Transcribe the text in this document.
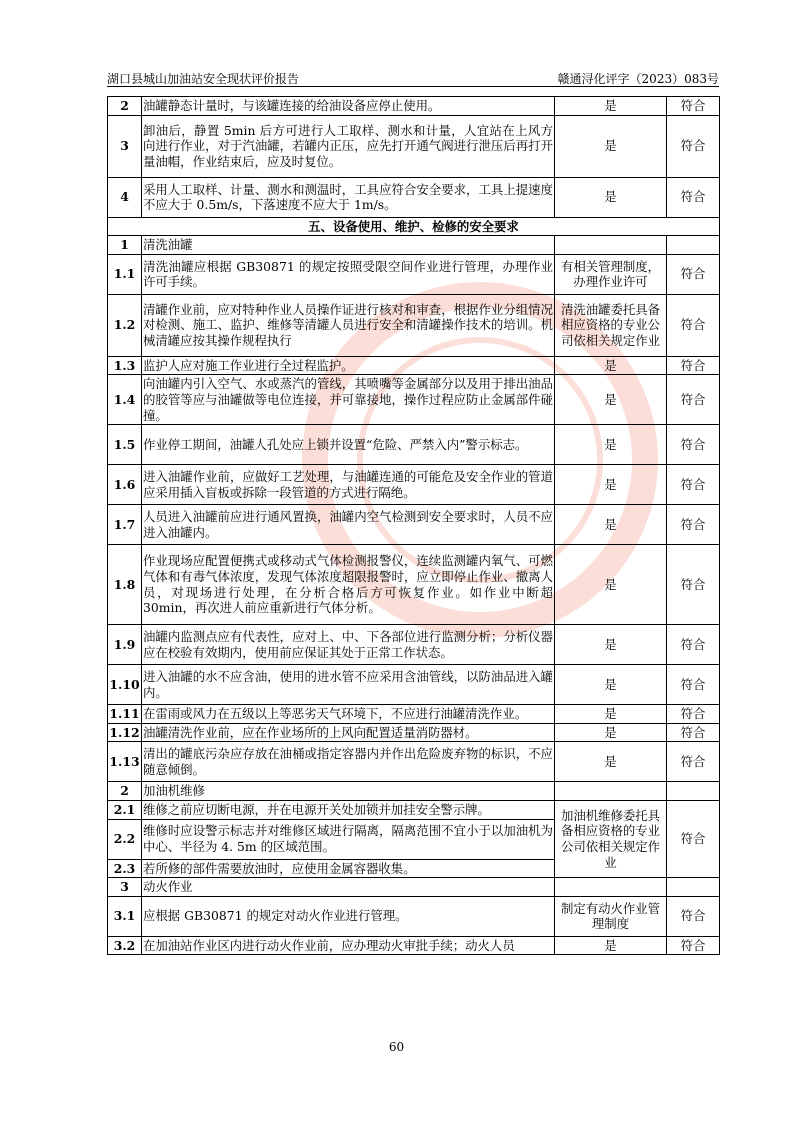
湖口县城山加油站安全现状评价报告	赣通浔化评字（2023）083号
2	油罐静态计量时，与该罐连接的给油设备应停止使用。	是	符合
3	卸油后，静置 5min 后方可进行人工取样、测水和计量，人宜站在上风方向进行作业，对于汽油罐，若罐内正压，应先打开通气阀进行泄压后再打开量油帽，作业结束后，应及时复位。	是	符合
4	采用人工取样、计量、测水和测温时，工具应符合安全要求，工具上提速度不应大于 0.5m/s，下落速度不应大于 1m/s。	是	符合
五、设备使用、维护、检修的安全要求			
1	清洗油罐		
1.1	清洗油罐应根据 GB30871 的规定按照受限空间作业进行管理，办理作业许可手续。	有相关管理制度，办理作业许可	符合
1.2	清罐作业前，应对特种作业人员操作证进行核对和审查，根据作业分组情况对检测、施工、监护、维修等清罐人员进行安全和清罐操作技术的培训。机械清罐应按其操作规程执行	清洗油罐委托具备相应资格的专业公司依相关规定作业	符合
1.3	监护人应对施工作业进行全过程监护。	是	符合
1.4	向油罐内引入空气、水或蒸汽的管线，其喷嘴等金属部分以及用于排出油品的胶管等应与油罐做等电位连接，并可靠接地，操作过程应防止金属部件碰撞。	是	符合
1.5	作业停工期间，油罐人孔处应上锁并设置“危险、严禁入内”警示标志。	是	符合
1.6	进入油罐作业前，应做好工艺处理，与油罐连通的可能危及安全作业的管道应采用插入盲板或拆除一段管道的方式进行隔绝。	是	符合
1.7	人员进入油罐前应进行通风置换，油罐内空气检测到安全要求时，人员不应进入油罐内。	是	符合
1.8	作业现场应配置便携式或移动式气体检测报警仪，连续监测罐内氧气、可燃气体和有毒气体浓度，发现气体浓度超限报警时，应立即停止作业、撤离人员，对现场进行处理，在分析合格后方可恢复作业。如作业中断超 30min，再次进人前应重新进行气体分析。	是	符合
1.9	油罐内监测点应有代表性，应对上、中、下各部位进行监测分析；分析仪器应在校验有效期内，使用前应保证其处于正常工作状态。	是	符合
1.10	进入油罐的水不应含油，使用的进水管不应采用含油管线，以防油品进入罐内。	是	符合
1.11	在雷雨或风力在五级以上等恶劣天气环境下，不应进行油罐清洗作业。	是	符合
1.12	油罐清洗作业前，应在作业场所的上风向配置适量消防器材。	是	符合
1.13	清出的罐底污杂应存放在油桶或指定容器内并作出危险废弃物的标识，不应随意倾倒。	是	符合
2	加油机维修		
2.1	维修之前应切断电源，并在电源开关处加锁并加挂安全警示牌。	加油机维修委托具备相应资格的专业公司依相关规定作业	符合
2.2	维修时应设警示标志并对维修区域进行隔离，隔离范围不宜小于以加油机为中心、半径为 4. 5m 的区域范围。		
2.3	若所修的部件需要放油时，应使用金属容器收集。		
3	动火作业		
3.1	应根据 GB30871 的规定对动火作业进行管理。	制定有动火作业管理制度	符合
3.2	在加油站作业区内进行动火作业前，应办理动火审批手续；动火人员	是	符合
60
